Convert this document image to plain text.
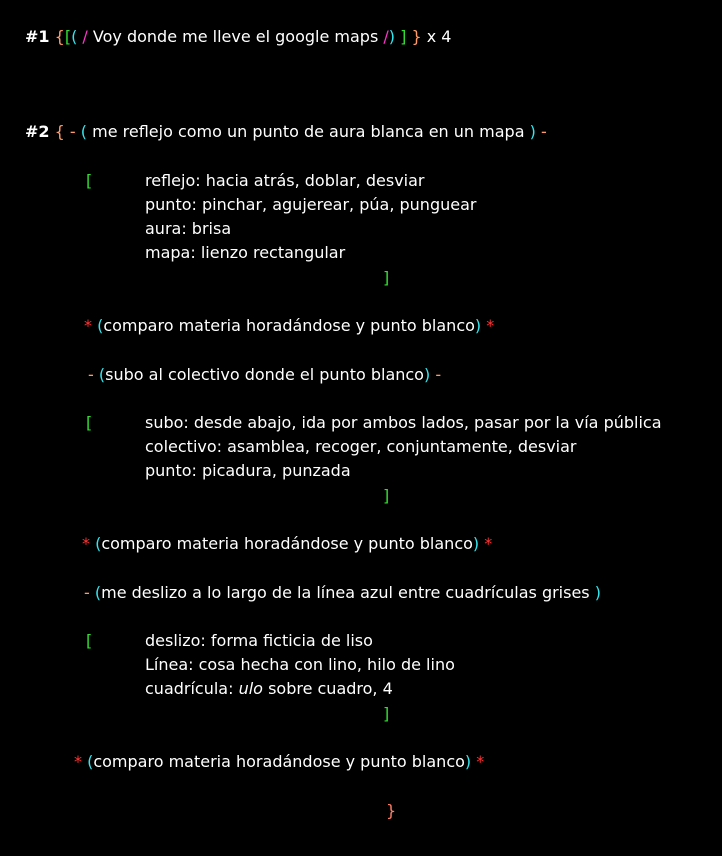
#1 {[( / Voy donde me lleve el google maps /) ] } x 4
#2 { - ( me reflejo como un punto de aura blanca en un mapa ) -
[	reflejo: hacia atrás, doblar, desviar
punto: pinchar, agujerear, púa, punguear
aura: brisa
mapa: lienzo rectangular
]
* (comparo materia horadándose y punto blanco) *
- (subo al colectivo donde el punto blanco) -
[	subo: desde abajo, ida por ambos lados, pasar por la vía pública
colectivo: asamblea, recoger, conjuntamente, desviar
punto: picadura, punzada
]
* (comparo materia horadándose y punto blanco) *
- (me deslizo a lo largo de la línea azul entre cuadrículas grises )
[	deslizo: forma ficticia de liso
Línea: cosa hecha con lino, hilo de lino
cuadrícula: ulo sobre cuadro, 4
]
* (comparo materia horadándose y punto blanco) *
}
